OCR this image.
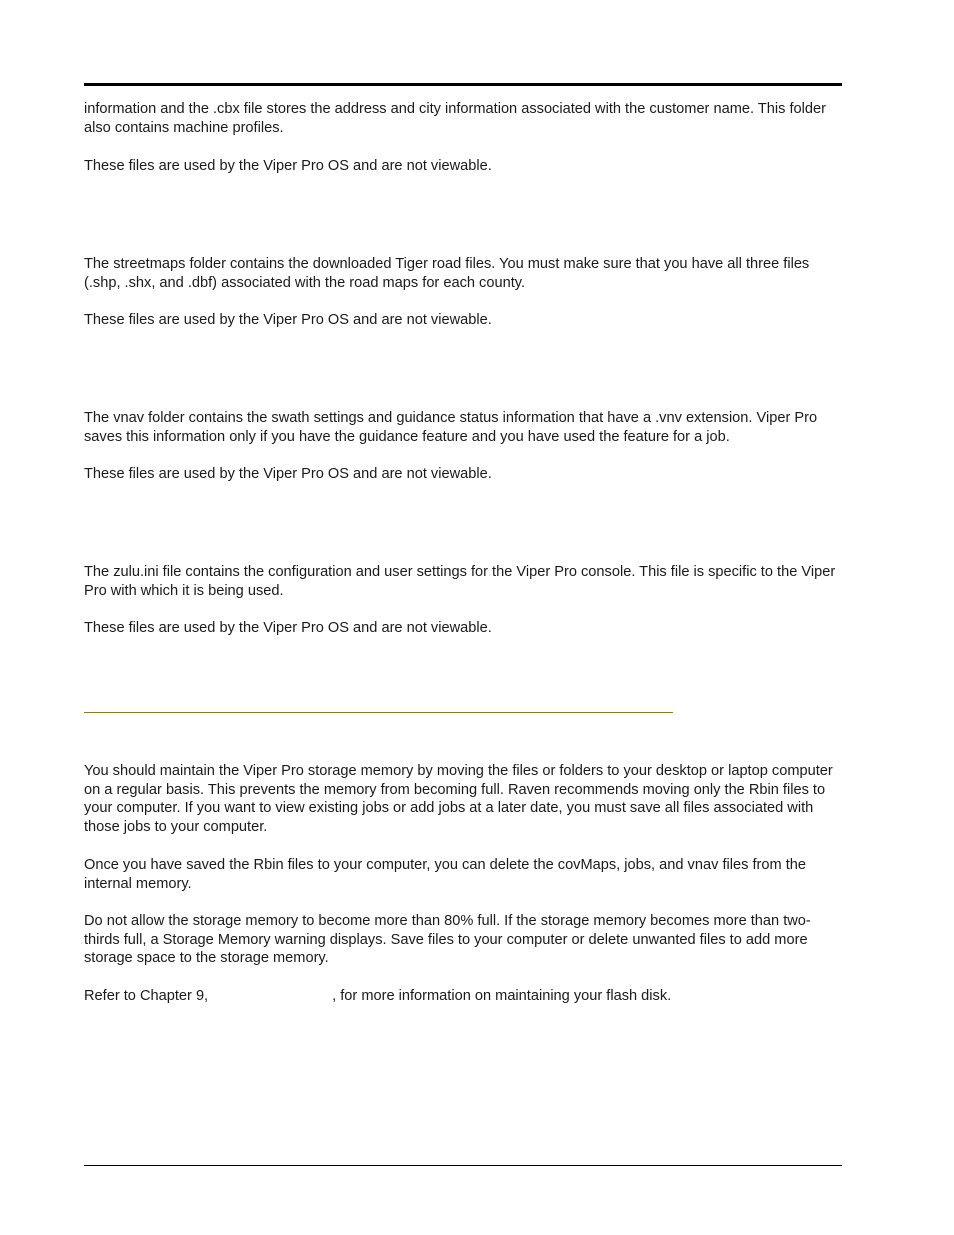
information and the .cbx file stores the address and city information associated with the customer name. This folder also contains machine profiles.

These files are used by the Viper Pro OS and are not viewable.

The streetmaps folder contains the downloaded Tiger road files. You must make sure that you have all three files (.shp, .shx, and .dbf) associated with the road maps for each county.

These files are used by the Viper Pro OS and are not viewable.

The vnav folder contains the swath settings and guidance status information that have a .vnv extension. Viper Pro saves this information only if you have the guidance feature and you have used the feature for a job.

These files are used by the Viper Pro OS and are not viewable.

The zulu.ini file contains the configuration and user settings for the Viper Pro console. This file is specific to the Viper Pro with which it is being used.

These files are used by the Viper Pro OS and are not viewable.

You should maintain the Viper Pro storage memory by moving the files or folders to your desktop or laptop computer on a regular basis. This prevents the memory from becoming full. Raven recommends moving only the Rbin files to your computer. If you want to view existing jobs or add jobs at a later date, you must save all files associated with those jobs to your computer.

Once you have saved the Rbin files to your computer, you can delete the covMaps, jobs, and vnav files from the internal memory.

Do not allow the storage memory to become more than 80% full. If the storage memory becomes more than two-thirds full, a Storage Memory warning displays. Save files to your computer or delete unwanted files to add more storage space to the storage memory.

Refer to Chapter 9,	, for more information on maintaining your flash disk.
